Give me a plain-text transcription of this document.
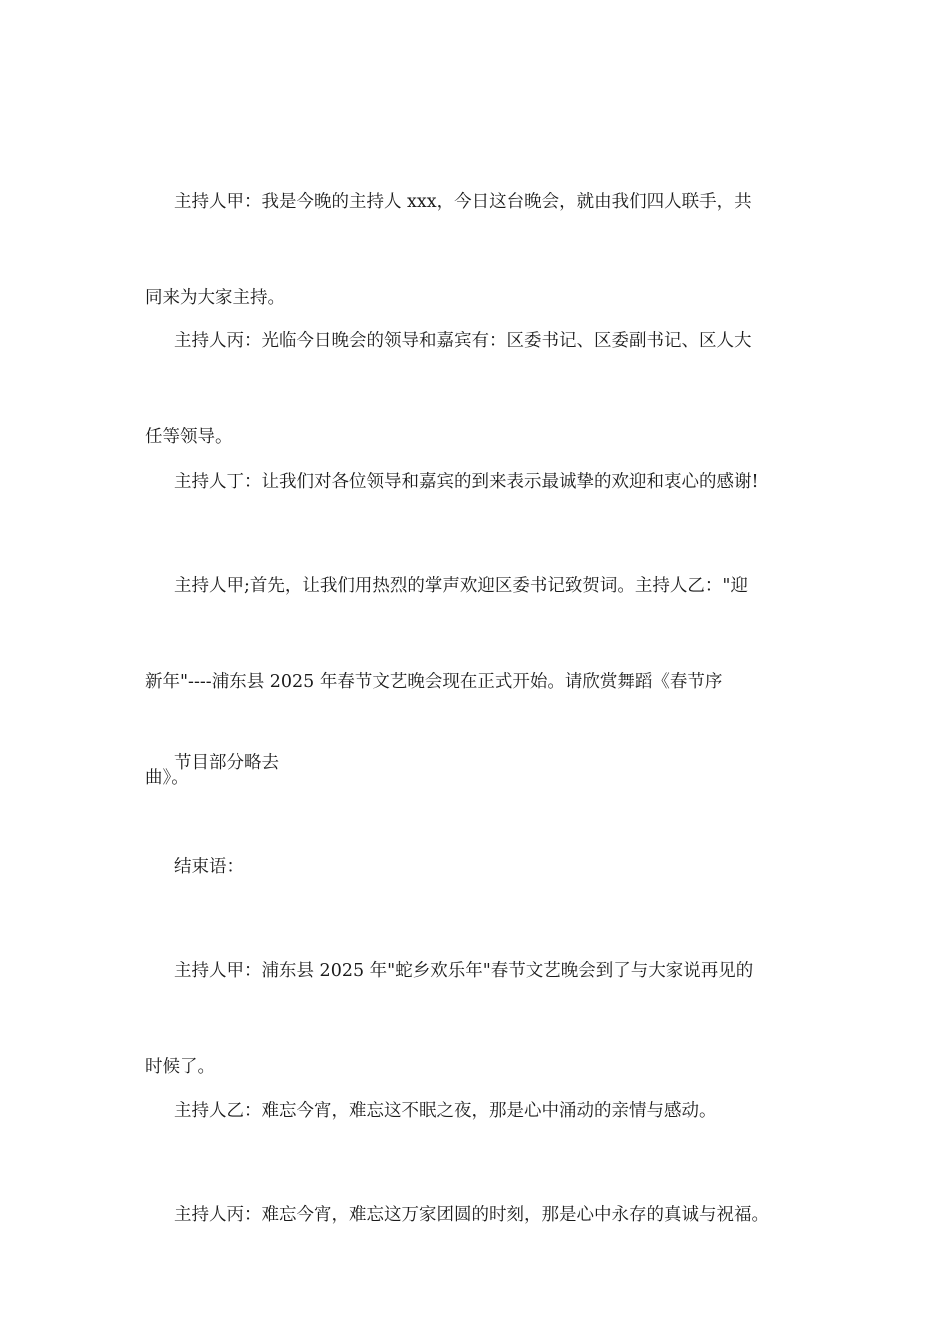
主持人甲：我是今晚的主持人 xxx，今日这台晚会，就由我们四人联手，共

同来为大家主持。

主持人丙：光临今日晚会的领导和嘉宾有：区委书记、区委副书记、区人大

任等领导。

主持人丁：让我们对各位领导和嘉宾的到来表示最诚挚的欢迎和衷心的感谢!

主持人甲;首先，让我们用热烈的掌声欢迎区委书记致贺词。主持人乙："迎

新年"----浦东县 2025 年春节文艺晚会现在正式开始。请欣赏舞蹈《春节序

曲》。

节目部分略去

结束语：

主持人甲：浦东县 2025 年"蛇乡欢乐年"春节文艺晚会到了与大家说再见的

时候了。

主持人乙：难忘今宵，难忘这不眠之夜，那是心中涌动的亲情与感动。

主持人丙：难忘今宵，难忘这万家团圆的时刻，那是心中永存的真诚与祝福。
